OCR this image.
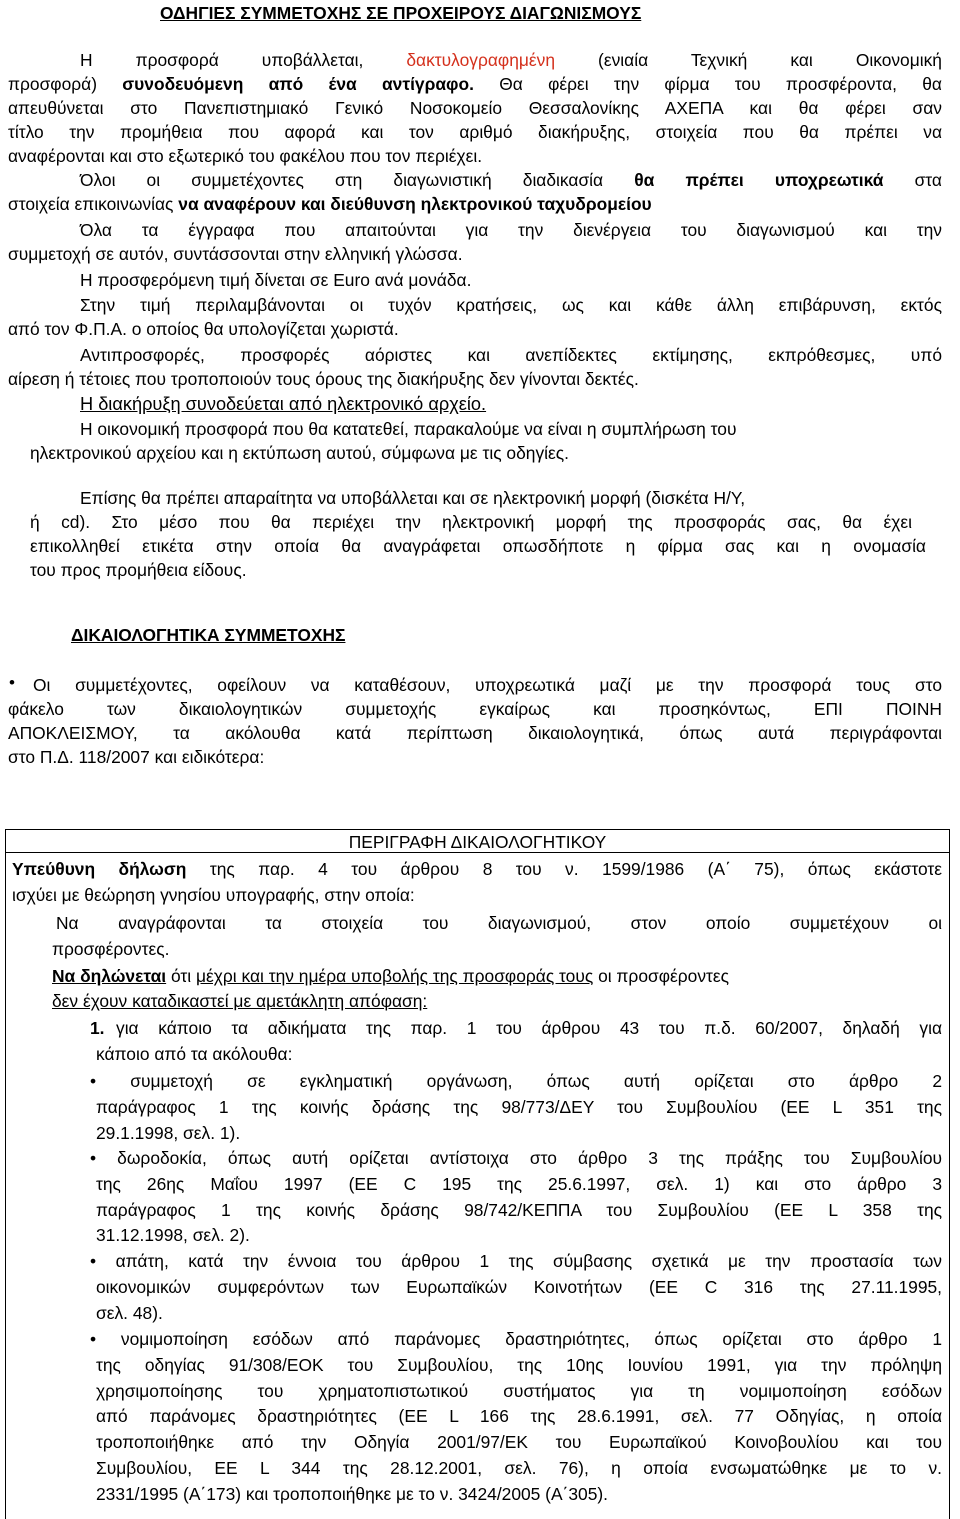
ΟΔΗΓΙΕΣ ΣΥΜΜΕΤΟΧΗΣ ΣΕ ΠΡΟΧΕΙΡΟΥΣ ΔΙΑΓΩΝΙΣΜΟΥΣ
Η προσφορά υποβάλλεται, δακτυλογραφημένη (ενιαία Τεχνική και Οικονομική
προσφορά) συνοδευόμενη από ένα αντίγραφο. Θα φέρει την φίρμα του προσφέροντα, θα
απευθύνεται στο Πανεπιστημιακό Γενικό Νοσοκομείο Θεσσαλονίκης ΑΧΕΠΑ και θα φέρει σαν
τίτλο την προμήθεια που αφορά και τον αριθμό διακήρυξης, στοιχεία που θα πρέπει να
αναφέρονται και στο εξωτερικό του φακέλου που τον περιέχει.
Όλοι οι συμμετέχοντες στη διαγωνιστική διαδικασία θα πρέπει υποχρεωτικά στα
στοιχεία επικοινωνίας να αναφέρουν και διεύθυνση ηλεκτρονικού ταχυδρομείου
Όλα τα έγγραφα που απαιτούνται για την διενέργεια του διαγωνισμού και την
συμμετοχή σε αυτόν, συντάσσονται στην ελληνική γλώσσα.
Η προσφερόμενη τιμή δίνεται σε Euro ανά μονάδα.
Στην τιμή περιλαμβάνονται οι τυχόν κρατήσεις, ως και κάθε άλλη επιβάρυνση, εκτός
από τον Φ.Π.Α. ο οποίος θα υπολογίζεται χωριστά.
Αντιπροσφορές, προσφορές αόριστες και ανεπίδεκτες εκτίμησης, εκπρόθεσμες, υπό
αίρεση ή τέτοιες που τροποποιούν τους όρους της διακήρυξης δεν γίνονται δεκτές.
Η διακήρυξη συνοδεύεται από ηλεκτρονικό αρχείο.
Η οικονομική προσφορά που θα κατατεθεί, παρακαλούμε να είναι η συμπλήρωση του
ηλεκτρονικού αρχείου και η εκτύπωση αυτού, σύμφωνα με τις οδηγίες.
Επίσης θα πρέπει απαραίτητα να υποβάλλεται και σε ηλεκτρονική μορφή (δισκέτα Η/Υ,
ή cd). Στο μέσο που θα περιέχει την ηλεκτρονική μορφή της προσφοράς σας, θα έχει
επικολληθεί ετικέτα στην οποία θα αναγράφεται οπωσδήποτε η φίρμα σας και η ονομασία
του προς προμήθεια είδους.
ΔΙΚΑΙΟΛΟΓΗΤΙΚΑ ΣΥΜΜΕΤΟΧΗΣ
• Οι συμμετέχοντες, οφείλουν να καταθέσουν, υποχρεωτικά μαζί με την προσφορά τους στο
φάκελο των δικαιολογητικών συμμετοχής εγκαίρως και προσηκόντως, ΕΠΙ ΠΟΙΝΗ
ΑΠΟΚΛΕΙΣΜΟΥ, τα ακόλουθα κατά περίπτωση δικαιολογητικά, όπως αυτά περιγράφονται
στο Π.Δ. 118/2007 και ειδικότερα:
ΠΕΡΙΓΡΑΦΗ ΔΙΚΑΙΟΛΟΓΗΤΙΚΟΥ
Υπεύθυνη δήλωση της παρ. 4 του άρθρου 8 του ν. 1599/1986 (Α΄ 75), όπως εκάστοτε
ισχύει με θεώρηση γνησίου υπογραφής, στην οποία:
Να αναγράφονται τα στοιχεία του διαγωνισμού, στον οποίο συμμετέχουν οι
προσφέροντες.
Να δηλώνεται ότι μέχρι και την ημέρα υποβολής της προσφοράς τους οι προσφέροντες
δεν έχουν καταδικαστεί με αμετάκλητη απόφαση:
1. για κάποιο τα αδικήματα της παρ. 1 του άρθρου 43 του π.δ. 60/2007, δηλαδή για
κάποιο από τα ακόλουθα:
• συμμετοχή σε εγκληματική οργάνωση, όπως αυτή ορίζεται στο άρθρο 2
παράγραφος 1 της κοινής δράσης της 98/773/ΔΕΥ του Συμβουλίου (ΕΕ L 351 της
29.1.1998, σελ. 1).
• δωροδοκία, όπως αυτή ορίζεται αντίστοιχα στο άρθρο 3 της πράξης του Συμβουλίου
της 26ης Μαΐου 1997 (ΕΕ C 195 της 25.6.1997, σελ. 1) και στο άρθρο 3
παράγραφος 1 της κοινής δράσης 98/742/ΚΕΠΠΑ του Συμβουλίου (ΕΕ L 358 της
31.12.1998, σελ. 2).
• απάτη, κατά την έννοια του άρθρου 1 της σύμβασης σχετικά με την προστασία των
οικονομικών συμφερόντων των Ευρωπαϊκών Κοινοτήτων (ΕΕ C 316 της 27.11.1995,
σελ. 48).
• νομιμοποίηση εσόδων από παράνομες δραστηριότητες, όπως ορίζεται στο άρθρο 1
της οδηγίας 91/308/ΕΟΚ του Συμβουλίου, της 10ης Ιουνίου 1991, για την πρόληψη
χρησιμοποίησης του χρηματοπιστωτικού συστήματος για τη νομιμοποίηση εσόδων
από παράνομες δραστηριότητες (ΕΕ L 166 της 28.6.1991, σελ. 77 Οδηγίας, η οποία
τροποποιήθηκε από την Οδηγία 2001/97/ΕΚ του Ευρωπαϊκού Κοινοβουλίου και του
Συμβουλίου, ΕΕ L 344 της 28.12.2001, σελ. 76), η οποία ενσωματώθηκε με το ν.
2331/1995 (Α΄173) και τροποποιήθηκε με το ν. 3424/2005 (Α΄305).
